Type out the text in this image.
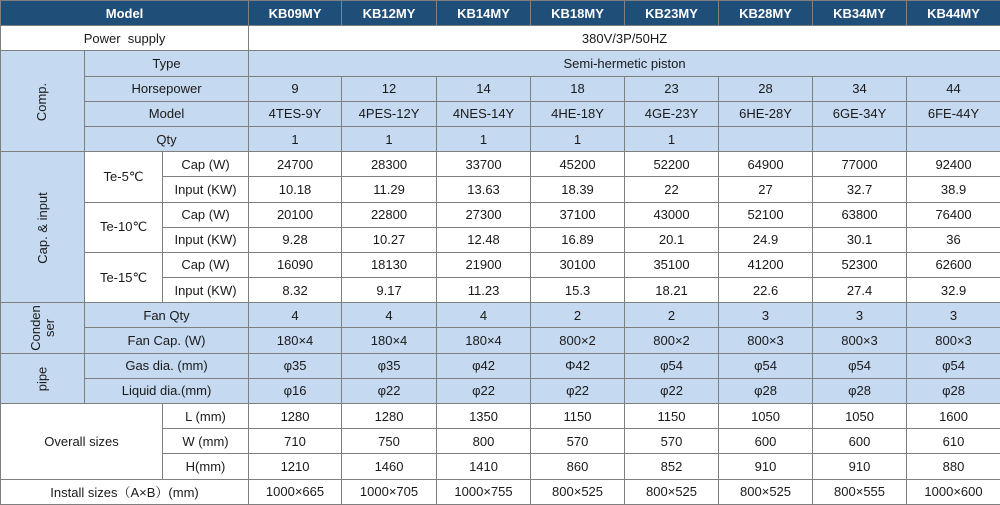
Model			KB09MY	KB12MY	KB14MY	KB18MY	KB23MY	KB28MY	KB34MY	KB44MY
Power  supply			380V/3P/50HZ							
Comp.	Type		Semi-hermetic piston							
	Horsepower		9	12	14	18	23	28	34	44
	Model		4TES-9Y	4PES-12Y	4NES-14Y	4HE-18Y	4GE-23Y	6HE-28Y	6GE-34Y	6FE-44Y
	Qty		1	1	1	1	1			
Cap. & input	Te-5℃	Cap (W)	24700	28300	33700	45200	52200	64900	77000	92400
		Input (KW)	10.18	11.29	13.63	18.39	22	27	32.7	38.9
	Te-10℃	Cap (W)	20100	22800	27300	37100	43000	52100	63800	76400
		Input (KW)	9.28	10.27	12.48	16.89	20.1	24.9	30.1	36
	Te-15℃	Cap (W)	16090	18130	21900	30100	35100	41200	52300	62600
		Input (KW)	8.32	9.17	11.23	15.3	18.21	22.6	27.4	32.9
Conden
ser	Fan Qty		4	4	4	2	2	3	3	3
	Fan Cap. (W)		180×4	180×4	180×4	800×2	800×2	800×3	800×3	800×3
pipe	Gas dia. (mm)		φ35	φ35	φ42	Φ42	φ54	φ54	φ54	φ54
	Liquid dia.(mm)		φ16	φ22	φ22	φ22	φ22	φ28	φ28	φ28
Overall sizes		L (mm)	1280	1280	1350	1150	1150	1050	1050	1600
		W (mm)	710	750	800	570	570	600	600	610
		H(mm)	1210	1460	1410	860	852	910	910	880
Install sizes（A×B）(mm)			1000×665	1000×705	1000×755	800×525	800×525	800×525	800×555	1000×600
